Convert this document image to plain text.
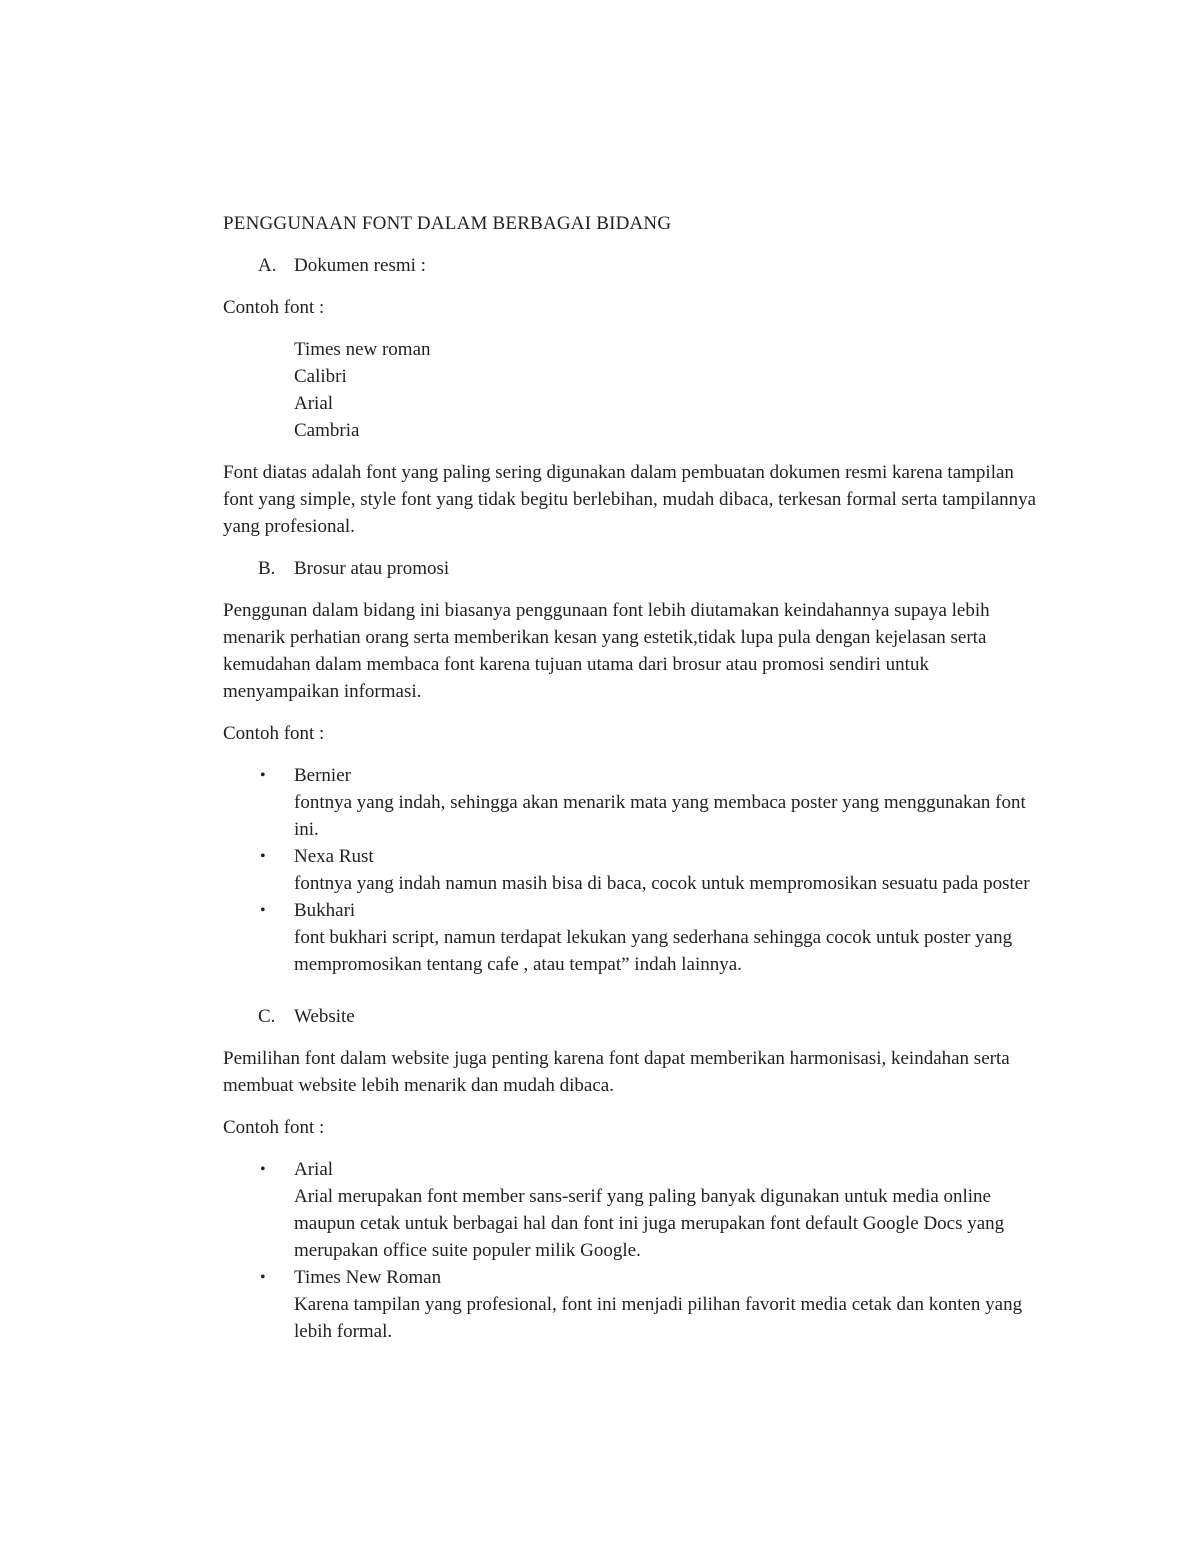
PENGGUNAAN FONT DALAM BERBAGAI BIDANG

A. Dokumen resmi :

Contoh font :

Times new roman
Calibri
Arial
Cambria

Font diatas adalah font yang paling sering digunakan dalam pembuatan dokumen resmi karena tampilan font yang simple, style font yang tidak begitu berlebihan, mudah dibaca, terkesan formal serta tampilannya yang profesional.

B. Brosur atau promosi

Penggunan dalam bidang ini biasanya penggunaan font lebih diutamakan keindahannya supaya lebih menarik perhatian orang serta memberikan kesan yang estetik,tidak lupa pula dengan kejelasan serta kemudahan dalam membaca font karena tujuan utama dari brosur atau promosi sendiri untuk menyampaikan informasi.

Contoh font :

• Bernier
fontnya yang indah, sehingga akan menarik mata yang membaca poster yang menggunakan font ini.
• Nexa Rust
fontnya yang indah namun masih bisa di baca, cocok untuk mempromosikan sesuatu pada poster
• Bukhari
font bukhari script, namun terdapat lekukan yang sederhana sehingga cocok untuk poster yang mempromosikan tentang cafe , atau tempat” indah lainnya.
C. Website

Pemilihan font dalam website juga penting karena font dapat memberikan harmonisasi, keindahan serta membuat website lebih menarik dan mudah dibaca.

Contoh font :

• Arial
Arial merupakan font member sans-serif yang paling banyak digunakan untuk media online maupun cetak untuk berbagai hal dan font ini juga merupakan font default Google Docs yang merupakan office suite populer milik Google.
• Times New Roman
Karena tampilan yang profesional, font ini menjadi pilihan favorit media cetak dan konten yang lebih formal.
